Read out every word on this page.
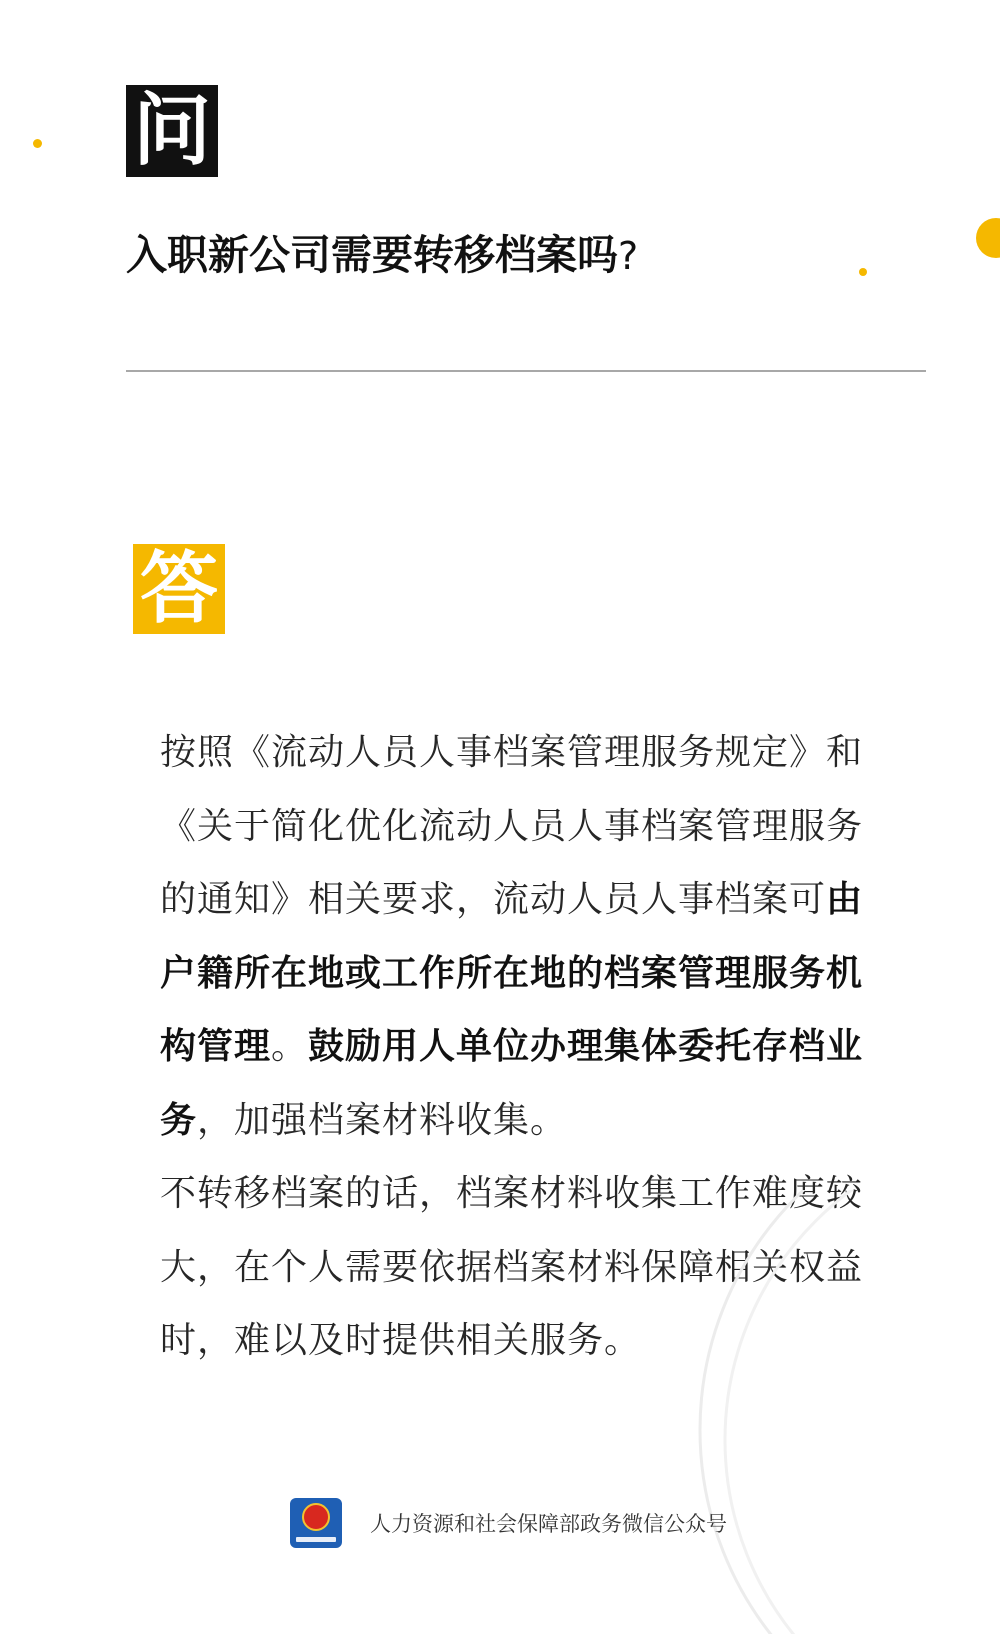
问
入职新公司需要转移档案吗?
答

按照《流动人员人事档案管理服务规定》和《关于简化优化流动人员人事档案管理服务的通知》相关要求，流动人员人事档案可由户籍所在地或工作所在地的档案管理服务机构管理。鼓励用人单位办理集体委托存档业务，加强档案材料收集。

不转移档案的话，档案材料收集工作难度较大，在个人需要依据档案材料保障相关权益时，难以及时提供相关服务。

人力资源和社会保障部政务微信公众号
